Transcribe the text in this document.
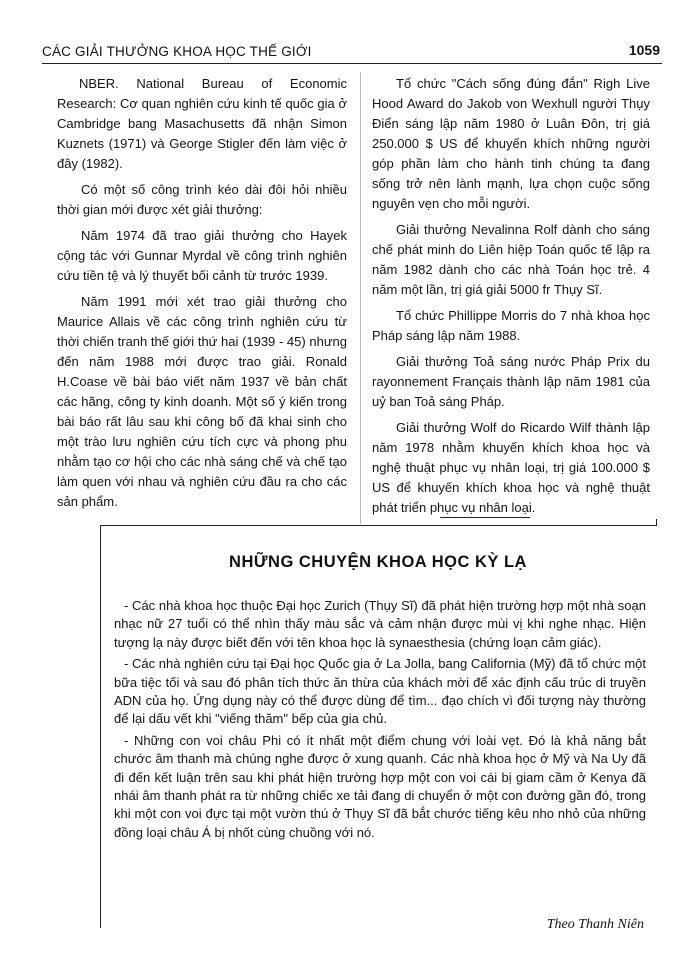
CÁC GIẢI THƯỞNG KHOA HỌC THẾ GIỚI	1059

NBER. National Bureau of Economic Research: Cơ quan nghiên cứu kinh tế quốc gia ở Cambridge bang Masachusetts đã nhận Simon Kuznets (1971) và George Stigler đến làm việc ở đây (1982).

Có một số công trình kéo dài đôi hỏi nhiều thời gian mới được xét giải thưởng:

Năm 1974 đã trao giải thưởng cho Hayek cộng tác với Gunnar Myrdal về công trình nghiên cứu tiền tệ và lý thuyết bối cảnh từ trước 1939.

Năm 1991 mới xét trao giải thưởng cho Maurice Allais về các công trình nghiên cứu từ thời chiến tranh thế giới thứ hai (1939 - 45) nhưng đến năm 1988 mới được trao giải. Ronald H.Coase về bài báo viết năm 1937 về bản chất các hãng, công ty kinh doanh. Một số ý kiến trong bài báo rất lâu sau khi công bố đã khai sinh cho một trào lưu nghiên cứu tích cực và phong phu nhằm tạo cơ hội cho các nhà sáng chế và chế tạo làm quen với nhau và nghiên cứu đầu ra cho các sản phẩm.

Tổ chức "Cách sống đúng đắn" Righ Live Hood Award do Jakob von Wexhull người Thụy Điển sáng lập năm 1980 ở Luân Đôn, trị giá 250.000 $ US để khuyến khích những người góp phần làm cho hành tinh chúng ta đang sống trở nên lành mạnh, lựa chọn cuộc sống nguyên vẹn cho mỗi người.

Giải thưởng Nevalinna Rolf dành cho sáng chế phát minh do Liên hiệp Toán quốc tế lập ra năm 1982 dành cho các nhà Toán học trẻ. 4 năm một lần, trị giá giải 5000 fr Thụy Sĩ.

Tổ chức Phillippe Morris do 7 nhà khoa học Pháp sáng lập năm 1988.

Giải thưởng Toả sáng nước Pháp Prix du rayonnement Français thành lập năm 1981 của uỷ ban Toả sáng Pháp.

Giải thưởng Wolf do Ricardo Wilf thành lập năm 1978 nhằm khuyến khích khoa học và nghệ thuật phục vụ nhân loại, trị giá 100.000 $ US để khuyến khích khoa học và nghệ thuật phát triển phục vụ nhân loại.

NHỮNG CHUYỆN KHOA HỌC KỲ LẠ

- Các nhà khoa học thuộc Đại học Zurich (Thụy Sĩ) đã phát hiện trường hợp một nhà soạn nhạc nữ 27 tuổi có thể nhìn thấy màu sắc và cảm nhận được mùi vị khi nghe nhạc. Hiện tượng lạ này được biết đến với tên khoa học là synaesthesia (chứng loạn cảm giác).

- Các nhà nghiên cứu tại Đại học Quốc gia ở La Jolla, bang California (Mỹ) đã tổ chức một bữa tiệc tối và sau đó phân tích thức ăn thừa của khách mời để xác định cấu trúc di truyền ADN của họ. Ứng dụng này có thể được dùng để tìm... đạo chích vì đối tượng này thường để lại dấu vết khi "viếng thăm" bếp của gia chủ.

- Những con voi châu Phi có ít nhất một điểm chung với loài vẹt. Đó là khả năng bắt chước âm thanh mà chúng nghe được ở xung quanh. Các nhà khoa học ở Mỹ và Na Uy đã đi đến kết luận trên sau khi phát hiện trường hợp một con voi cái bị giam cầm ở Kenya đã nhái âm thanh phát ra từ những chiếc xe tải đang di chuyển ở một con đường gần đó, trong khi một con voi đực tại một vườn thú ở Thụy Sĩ đã bắt chước tiếng kêu nho nhỏ của những đồng loại châu Á bị nhốt cùng chuồng với nó.

Theo Thanh Niên
